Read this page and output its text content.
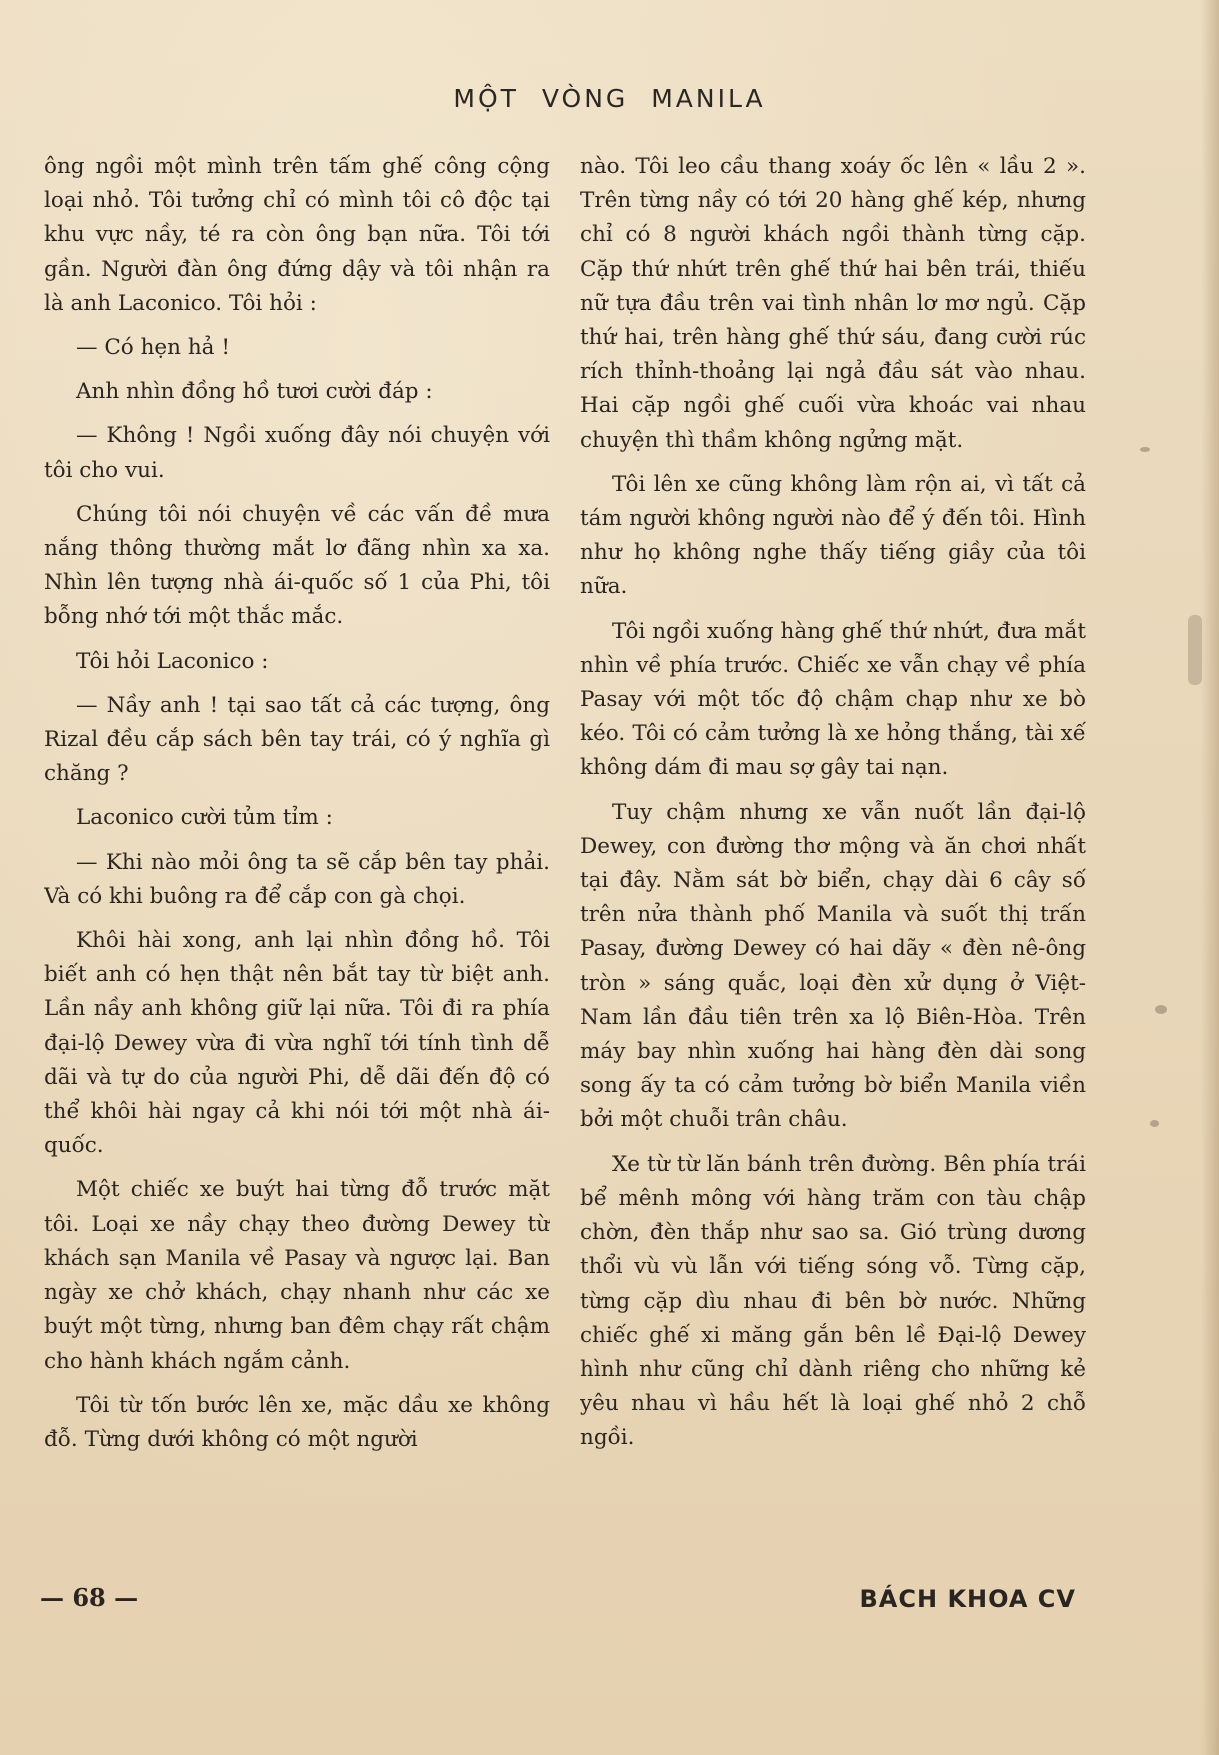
MỘT VÒNG MANILA

ông ngồi một mình trên tấm ghế công cộng loại nhỏ. Tôi tưởng chỉ có mình tôi cô độc tại khu vực nầy, té ra còn ông bạn nữa. Tôi tới gần. Người đàn ông đứng dậy và tôi nhận ra là anh Laconico. Tôi hỏi :

— Có hẹn hả !

Anh nhìn đồng hồ tươi cười đáp :

— Không ! Ngồi xuống đây nói chuyện với tôi cho vui.

Chúng tôi nói chuyện về các vấn đề mưa nắng thông thường mắt lơ đãng nhìn xa xa. Nhìn lên tượng nhà ái-quốc số 1 của Phi, tôi bỗng nhớ tới một thắc mắc.

Tôi hỏi Laconico :

— Nầy anh ! tại sao tất cả các tượng, ông Rizal đều cắp sách bên tay trái, có ý nghĩa gì chăng ?

Laconico cười tủm tỉm :

— Khi nào mỏi ông ta sẽ cắp bên tay phải. Và có khi buông ra để cắp con gà chọi.

Khôi hài xong, anh lại nhìn đồng hồ. Tôi biết anh có hẹn thật nên bắt tay từ biệt anh. Lần nầy anh không giữ lại nữa. Tôi đi ra phía đại-lộ Dewey vừa đi vừa nghĩ tới tính tình dễ dãi và tự do của người Phi, dễ dãi đến độ có thể khôi hài ngay cả khi nói tới một nhà ái-quốc.

Một chiếc xe buýt hai từng đỗ trước mặt tôi. Loại xe nầy chạy theo đường Dewey từ khách sạn Manila về Pasay và ngược lại. Ban ngày xe chở khách, chạy nhanh như các xe buýt một từng, nhưng ban đêm chạy rất chậm cho hành khách ngắm cảnh.

Tôi từ tốn bước lên xe, mặc dầu xe không đỗ. Từng dưới không có một người

nào. Tôi leo cầu thang xoáy ốc lên « lầu 2 ». Trên từng nầy có tới 20 hàng ghế kép, nhưng chỉ có 8 người khách ngồi thành từng cặp. Cặp thứ nhứt trên ghế thứ hai bên trái, thiếu nữ tựa đầu trên vai tình nhân lơ mơ ngủ. Cặp thứ hai, trên hàng ghế thứ sáu, đang cười rúc rích thỉnh-thoảng lại ngả đầu sát vào nhau. Hai cặp ngồi ghế cuối vừa khoác vai nhau chuyện thì thầm không ngửng mặt.

Tôi lên xe cũng không làm rộn ai, vì tất cả tám người không người nào để ý đến tôi. Hình như họ không nghe thấy tiếng giầy của tôi nữa.

Tôi ngồi xuống hàng ghế thứ nhứt, đưa mắt nhìn về phía trước. Chiếc xe vẫn chạy về phía Pasay với một tốc độ chậm chạp như xe bò kéo. Tôi có cảm tưởng là xe hỏng thắng, tài xế không dám đi mau sợ gây tai nạn.

Tuy chậm nhưng xe vẫn nuốt lần đại-lộ Dewey, con đường thơ mộng và ăn chơi nhất tại đây. Nằm sát bờ biển, chạy dài 6 cây số trên nửa thành phố Manila và suốt thị trấn Pasay, đường Dewey có hai dãy « đèn nê-ông tròn » sáng quắc, loại đèn xử dụng ở Việt-Nam lần đầu tiên trên xa lộ Biên-Hòa. Trên máy bay nhìn xuống hai hàng đèn dài song song ấy ta có cảm tưởng bờ biển Manila viền bởi một chuỗi trân châu.

Xe từ từ lăn bánh trên đường. Bên phía trái bể mênh mông với hàng trăm con tàu chập chờn, đèn thắp như sao sa. Gió trùng dương thổi vù vù lẫn với tiếng sóng vỗ. Từng cặp, từng cặp dìu nhau đi bên bờ nước. Những chiếc ghế xi măng gắn bên lề Đại-lộ Dewey hình như cũng chỉ dành riêng cho những kẻ yêu nhau vì hầu hết là loại ghế nhỏ 2 chỗ ngồi.

— 68 —	BÁCH KHOA CV
